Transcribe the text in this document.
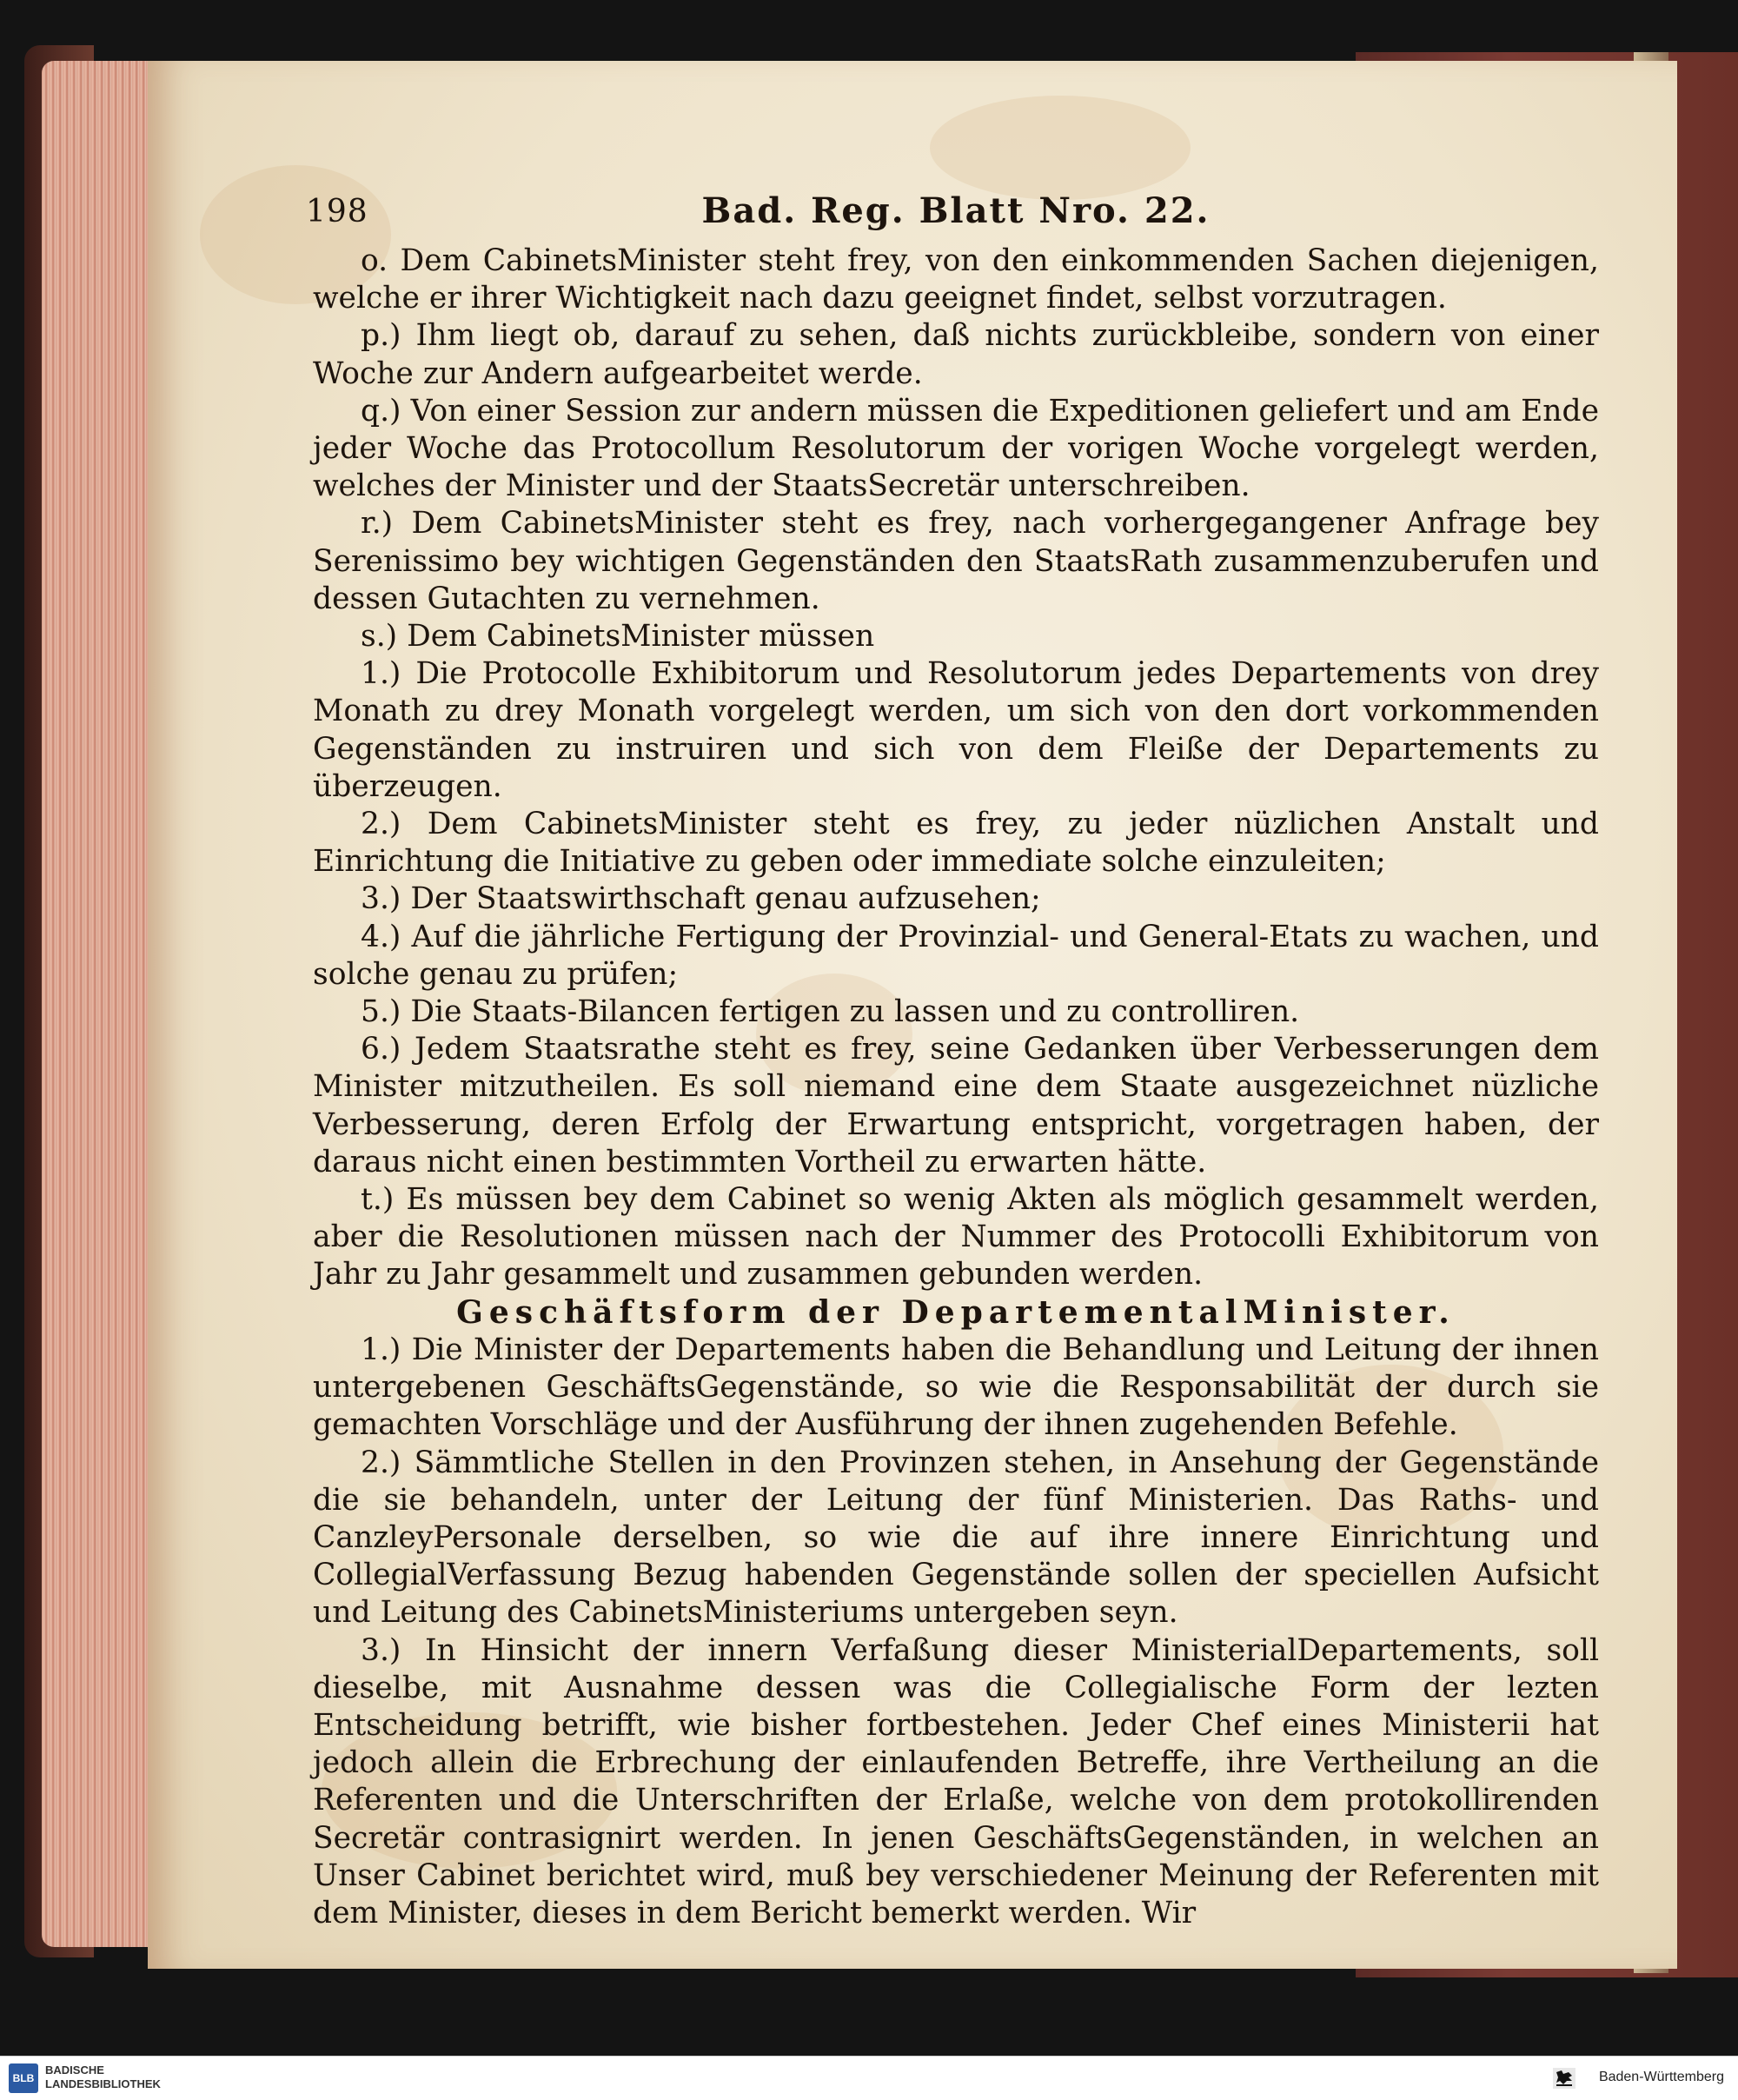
198	Bad. Reg. Blatt Nro. 22.

o. Dem CabinetsMinister steht frey, von den einkommenden Sachen diejenigen, welche er ihrer Wichtigkeit nach dazu geeignet findet, selbst vorzutragen.

p.) Ihm liegt ob, darauf zu sehen, daß nichts zurückbleibe, sondern von einer Woche zur Andern aufgearbeitet werde.

q.) Von einer Session zur andern müssen die Expeditionen geliefert und am Ende jeder Woche das Protocollum Resolutorum der vorigen Woche vorgelegt werden, welches der Minister und der StaatsSecretär unterschreiben.

r.) Dem CabinetsMinister steht es frey, nach vorhergegangener Anfrage bey Serenissimo bey wichtigen Gegenständen den StaatsRath zusammenzuberufen und dessen Gutachten zu vernehmen.

s.) Dem CabinetsMinister müssen

1.) Die Protocolle Exhibitorum und Resolutorum jedes Departements von drey Monath zu drey Monath vorgelegt werden, um sich von den dort vorkommenden Gegenständen zu instruiren und sich von dem Fleiße der Departements zu überzeugen.

2.) Dem CabinetsMinister steht es frey, zu jeder nüzlichen Anstalt und Einrichtung die Initiative zu geben oder immediate solche einzuleiten;

3.) Der Staatswirthschaft genau aufzusehen;

4.) Auf die jährliche Fertigung der Provinzial- und General-Etats zu wachen, und solche genau zu prüfen;

5.) Die Staats-Bilancen fertigen zu lassen und zu controlliren.

6.) Jedem Staatsrathe steht es frey, seine Gedanken über Verbesserungen dem Minister mitzutheilen. Es soll niemand eine dem Staate ausgezeichnet nüzliche Verbesserung, deren Erfolg der Erwartung entspricht, vorgetragen haben, der daraus nicht einen bestimmten Vortheil zu erwarten hätte.

t.) Es müssen bey dem Cabinet so wenig Akten als möglich gesammelt werden, aber die Resolutionen müssen nach der Nummer des Protocolli Exhibitorum von Jahr zu Jahr gesammelt und zusammen gebunden werden.

Geschäftsform der DepartementalMinister.

1.) Die Minister der Departements haben die Behandlung und Leitung der ihnen untergebenen GeschäftsGegenstände, so wie die Responsabilität der durch sie gemachten Vorschläge und der Ausführung der ihnen zugehenden Befehle.

2.) Sämmtliche Stellen in den Provinzen stehen, in Ansehung der Gegenstände die sie behandeln, unter der Leitung der fünf Ministerien. Das Raths- und CanzleyPersonale derselben, so wie die auf ihre innere Einrichtung und CollegialVerfassung Bezug habenden Gegenstände sollen der speciellen Aufsicht und Leitung des CabinetsMinisteriums untergeben seyn.

3.) In Hinsicht der innern Verfaßung dieser MinisterialDepartements, soll dieselbe, mit Ausnahme dessen was die Collegialische Form der lezten Entscheidung betrifft, wie bisher fortbestehen. Jeder Chef eines Ministerii hat jedoch allein die Erbrechung der einlaufenden Betreffe, ihre Vertheilung an die Referenten und die Unterschriften der Erlaße, welche von dem protokollirenden Secretär contrasignirt werden. In jenen GeschäftsGegenständen, in welchen an Unser Cabinet berichtet wird, muß bey verschiedener Meinung der Referenten mit dem Minister, dieses in dem Bericht bemerkt werden. Wir

BLB
BADISCHE
LANDESBIBLIOTHEK	Baden-Württemberg
